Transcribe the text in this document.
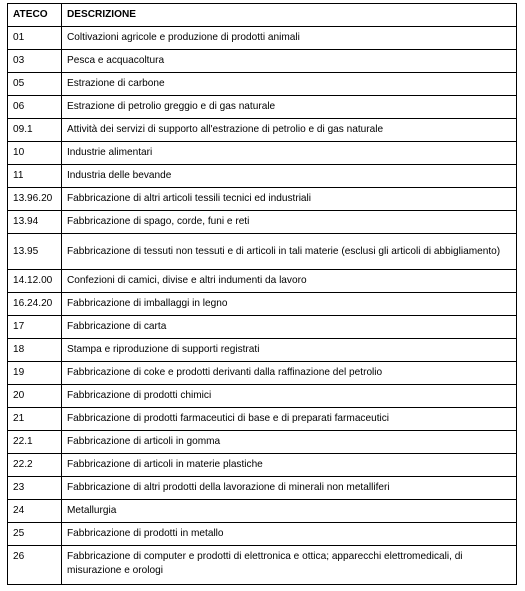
ATECO	DESCRIZIONE
01	Coltivazioni agricole e produzione di prodotti animali
03	Pesca e acquacoltura
05	Estrazione di carbone
06	Estrazione di petrolio greggio e di gas naturale
09.1	Attività dei servizi di supporto all'estrazione di petrolio e di gas naturale
10	Industrie alimentari
11	Industria delle bevande
13.96.20	Fabbricazione di altri articoli tessili tecnici ed industriali
13.94	Fabbricazione di spago, corde, funi e reti
13.95	Fabbricazione di tessuti non tessuti e di articoli in tali materie (esclusi gli articoli di abbigliamento)
14.12.00	Confezioni di camici, divise e altri indumenti da lavoro
16.24.20	Fabbricazione di imballaggi in legno
17	Fabbricazione di carta
18	Stampa e riproduzione di supporti registrati
19	Fabbricazione di coke e prodotti derivanti dalla raffinazione del petrolio
20	Fabbricazione di prodotti chimici
21	Fabbricazione di prodotti farmaceutici di base e di preparati farmaceutici
22.1	Fabbricazione di articoli in gomma
22.2	Fabbricazione di articoli in materie plastiche
23	Fabbricazione di altri prodotti della lavorazione di minerali non metalliferi
24	Metallurgia
25	Fabbricazione di prodotti in metallo
26	Fabbricazione di computer e prodotti di elettronica e ottica; apparecchi elettromedicali, di misurazione e orologi
